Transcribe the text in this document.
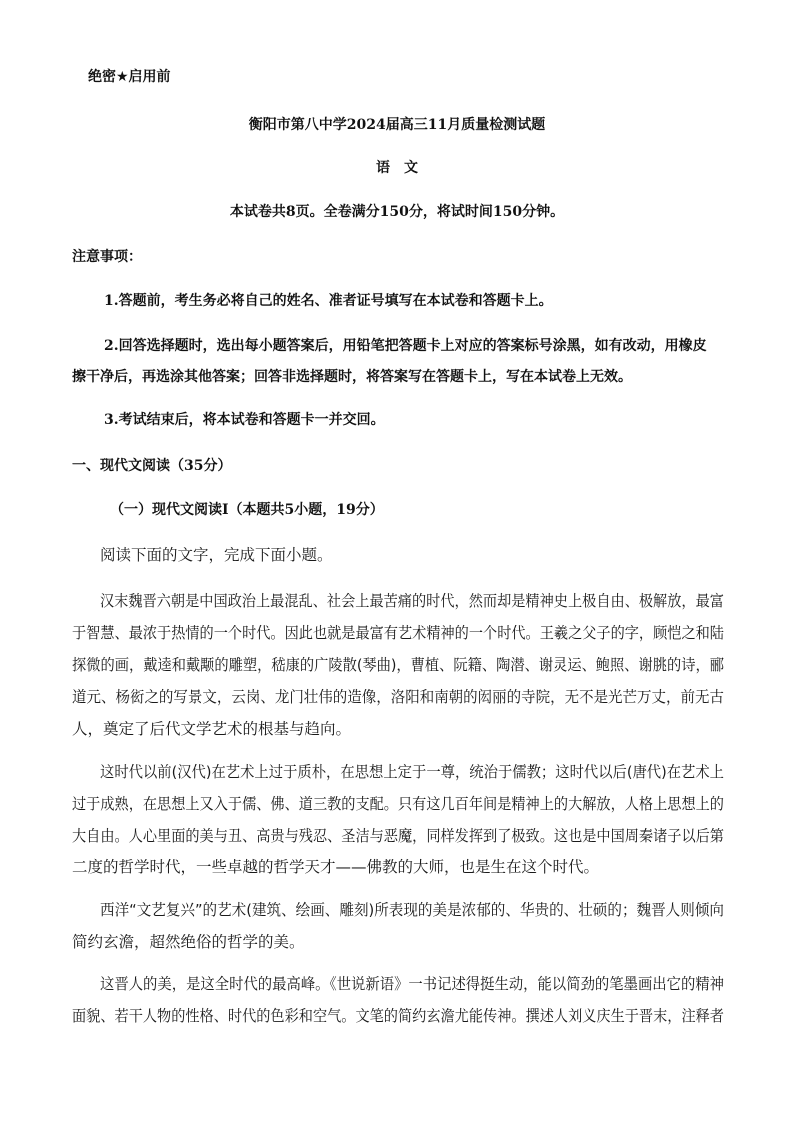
绝密★启用前
衡阳市第八中学2024届高三11月质量检测试题
语文
本试卷共8页。全卷满分150分，将试时间150分钟。
注意事项：
1.答题前，考生务必将自己的姓名、准者证号填写在本试卷和答题卡上。
2.回答选择题时，选出每小题答案后，用铅笔把答题卡上对应的答案标号涂黑，如有改动，用橡皮
擦干净后，再选涂其他答案；回答非选择题时，将答案写在答题卡上，写在本试卷上无效。
3.考试结束后，将本试卷和答题卡一并交回。
一、现代文阅读（35分）
（一）现代文阅读Ⅰ（本题共5小题，19分）
阅读下面的文字，完成下面小题。
汉末魏晋六朝是中国政治上最混乱、社会上最苦痛的时代，然而却是精神史上极自由、极解放，最富
于智慧、最浓于热情的一个时代。因此也就是最富有艺术精神的一个时代。王羲之父子的字，顾恺之和陆
探微的画，戴逵和戴颙的雕塑，嵇康的广陵散(琴曲)，曹植、阮籍、陶潜、谢灵运、鲍照、谢朓的诗，郦
道元、杨衒之的写景文，云岗、龙门壮伟的造像，洛阳和南朝的闳丽的寺院，无不是光芒万丈，前无古
人，奠定了后代文学艺术的根基与趋向。
这时代以前(汉代)在艺术上过于质朴，在思想上定于一尊，统治于儒教；这时代以后(唐代)在艺术上
过于成熟，在思想上又入于儒、佛、道三教的支配。只有这几百年间是精神上的大解放，人格上思想上的
大自由。人心里面的美与丑、高贵与残忍、圣洁与恶魔，同样发挥到了极致。这也是中国周秦诸子以后第
二度的哲学时代，一些卓越的哲学天才——佛教的大师，也是生在这个时代。
西洋“文艺复兴”的艺术(建筑、绘画、雕刻)所表现的美是浓郁的、华贵的、壮硕的；魏晋人则倾向
简约玄澹，超然绝俗的哲学的美。
这晋人的美，是这全时代的最高峰。《世说新语》一书记述得挺生动，能以简劲的笔墨画出它的精神
面貌、若干人物的性格、时代的色彩和空气。文笔的简约玄澹尤能传神。撰述人刘义庆生于晋末，注释者
